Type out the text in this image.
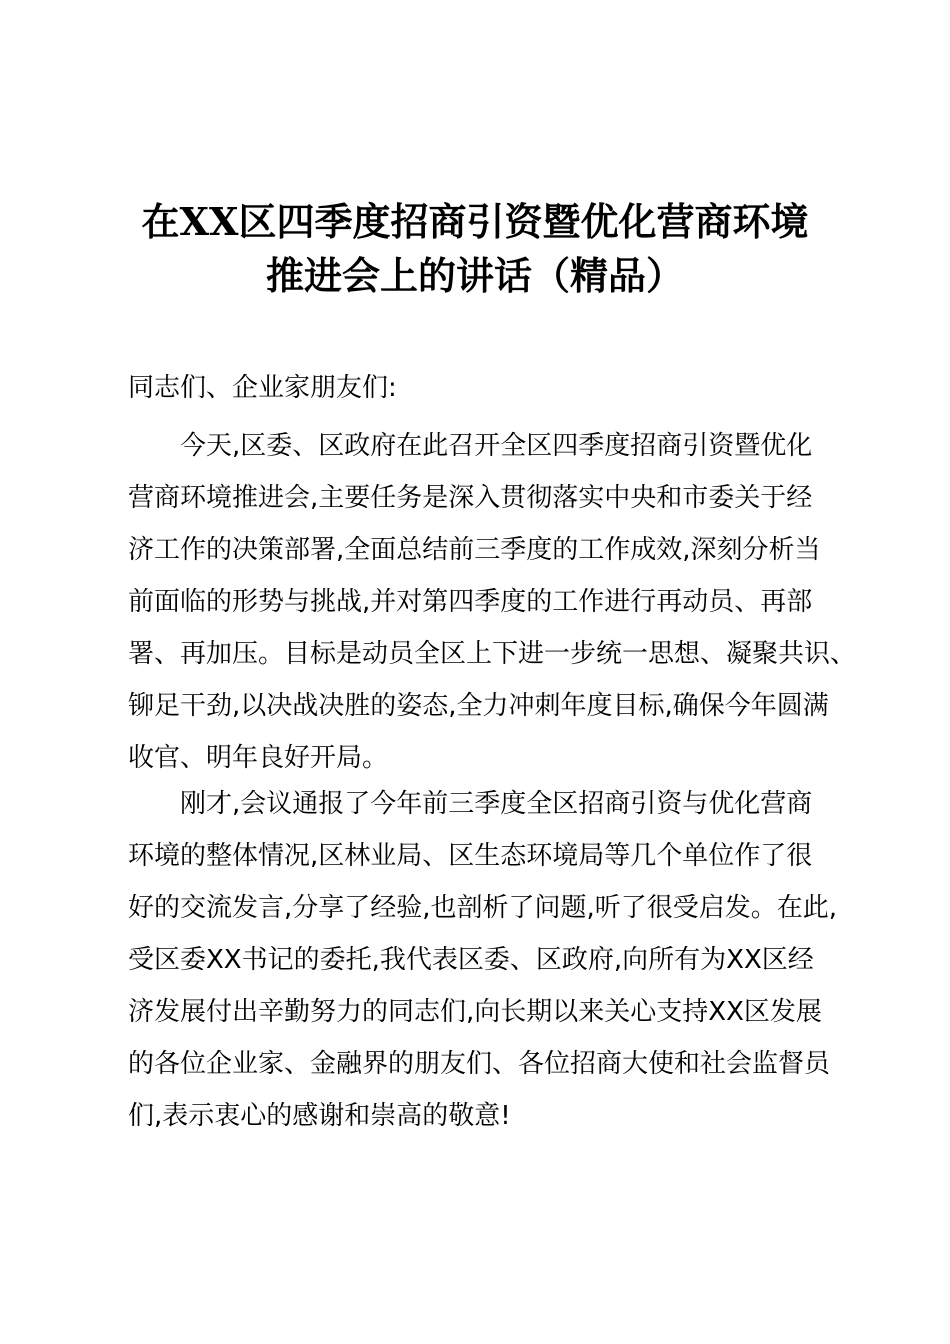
在XX区四季度招商引资暨优化营商环境
推进会上的讲话（精品）
同志们、企业家朋友们:
今天,区委、区政府在此召开全区四季度招商引资暨优化
营商环境推进会,主要任务是深入贯彻落实中央和市委关于经
济工作的决策部署,全面总结前三季度的工作成效,深刻分析当
前面临的形势与挑战,并对第四季度的工作进行再动员、再部
署、再加压。目标是动员全区上下进一步统一思想、凝聚共识、
铆足干劲,以决战决胜的姿态,全力冲刺年度目标,确保今年圆满
收官、明年良好开局。
刚才,会议通报了今年前三季度全区招商引资与优化营商
环境的整体情况,区林业局、区生态环境局等几个单位作了很
好的交流发言,分享了经验,也剖析了问题,听了很受启发。在此,
受区委XX书记的委托,我代表区委、区政府,向所有为XX区经
济发展付出辛勤努力的同志们,向长期以来关心支持XX区发展
的各位企业家、金融界的朋友们、各位招商大使和社会监督员
们,表示衷心的感谢和崇高的敬意!
